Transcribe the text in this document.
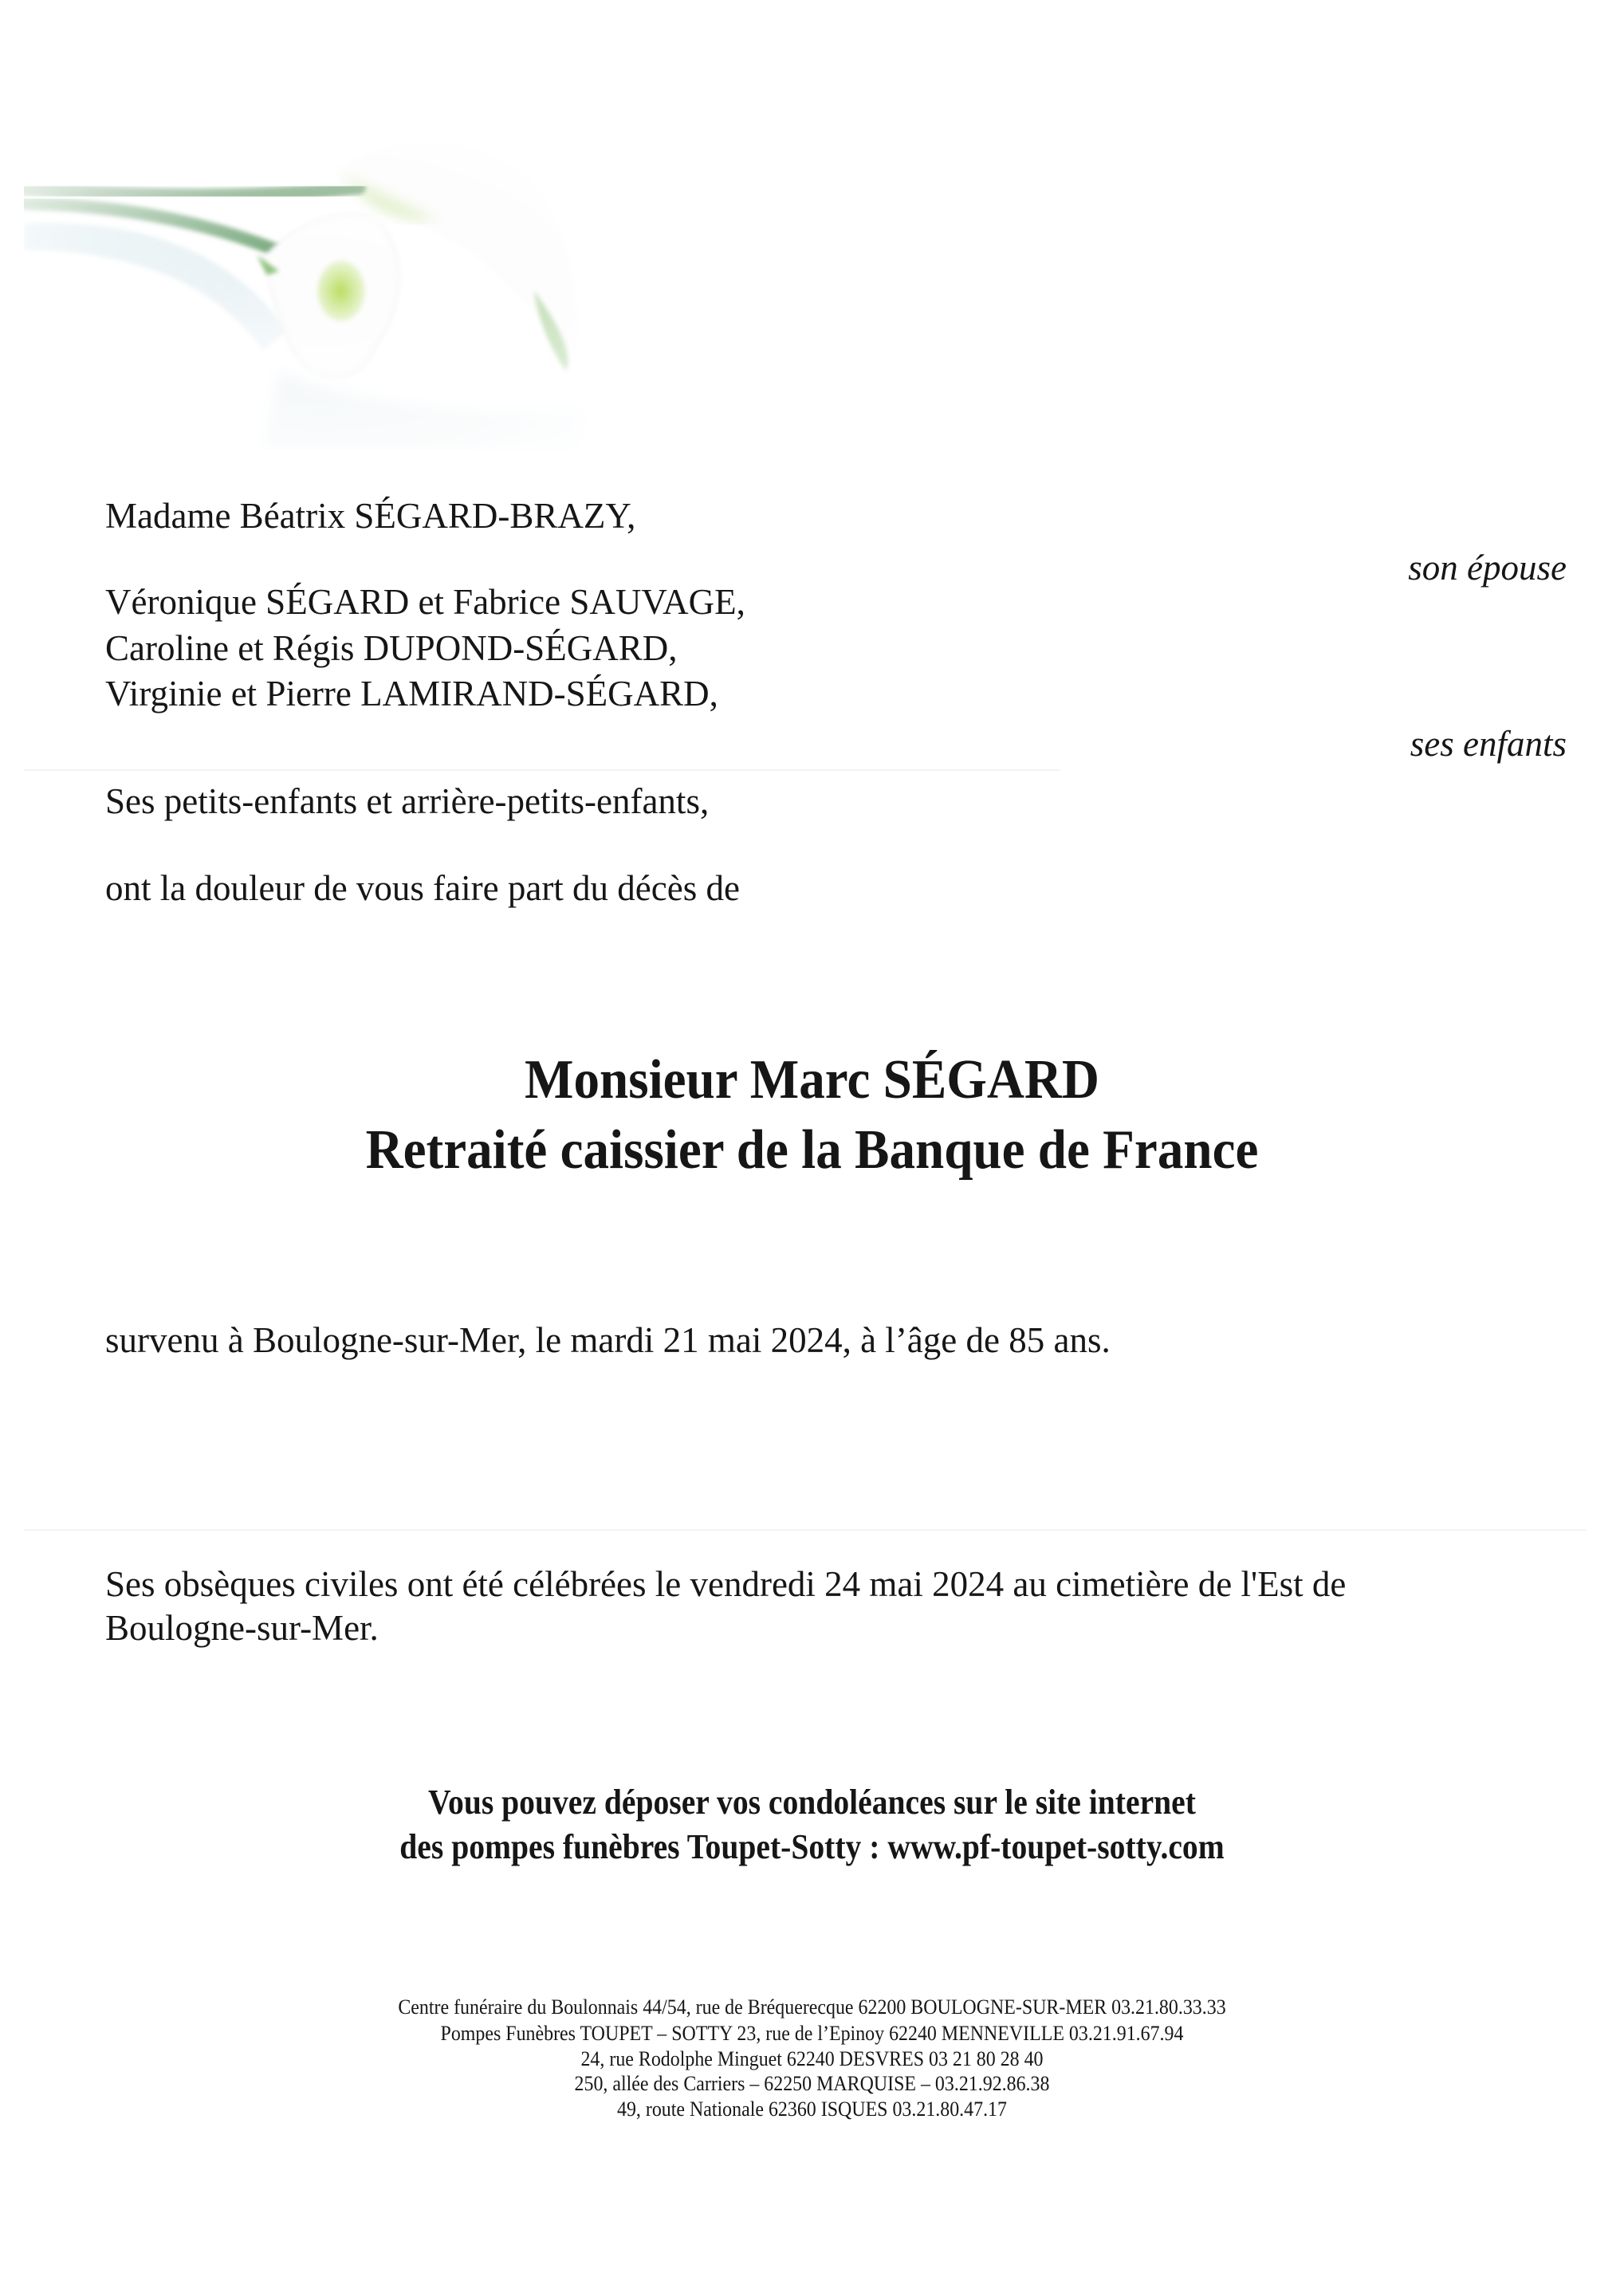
Madame Béatrix SÉGARD-BRAZY,
son épouse
Véronique SÉGARD et Fabrice SAUVAGE,
Caroline et Régis DUPOND-SÉGARD,
Virginie et Pierre LAMIRAND-SÉGARD,
ses enfants
Ses petits-enfants et arrière-petits-enfants,
ont la douleur de vous faire part du décès de
Monsieur Marc SÉGARD
Retraité caissier de la Banque de France
survenu à Boulogne-sur-Mer, le mardi 21 mai 2024, à l’âge de 85 ans.
Ses obsèques civiles ont été célébrées le vendredi 24 mai 2024 au cimetière de l'Est de
Boulogne-sur-Mer.
Vous pouvez déposer vos condoléances sur le site internet
des pompes funèbres Toupet-Sotty : www.pf-toupet-sotty.com
Centre funéraire du Boulonnais 44/54, rue de Bréquerecque 62200 BOULOGNE-SUR-MER 03.21.80.33.33
Pompes Funèbres TOUPET – SOTTY 23, rue de l’Epinoy 62240 MENNEVILLE 03.21.91.67.94
24, rue Rodolphe Minguet 62240 DESVRES 03 21 80 28 40
250, allée des Carriers – 62250 MARQUISE – 03.21.92.86.38
49, route Nationale 62360 ISQUES 03.21.80.47.17
